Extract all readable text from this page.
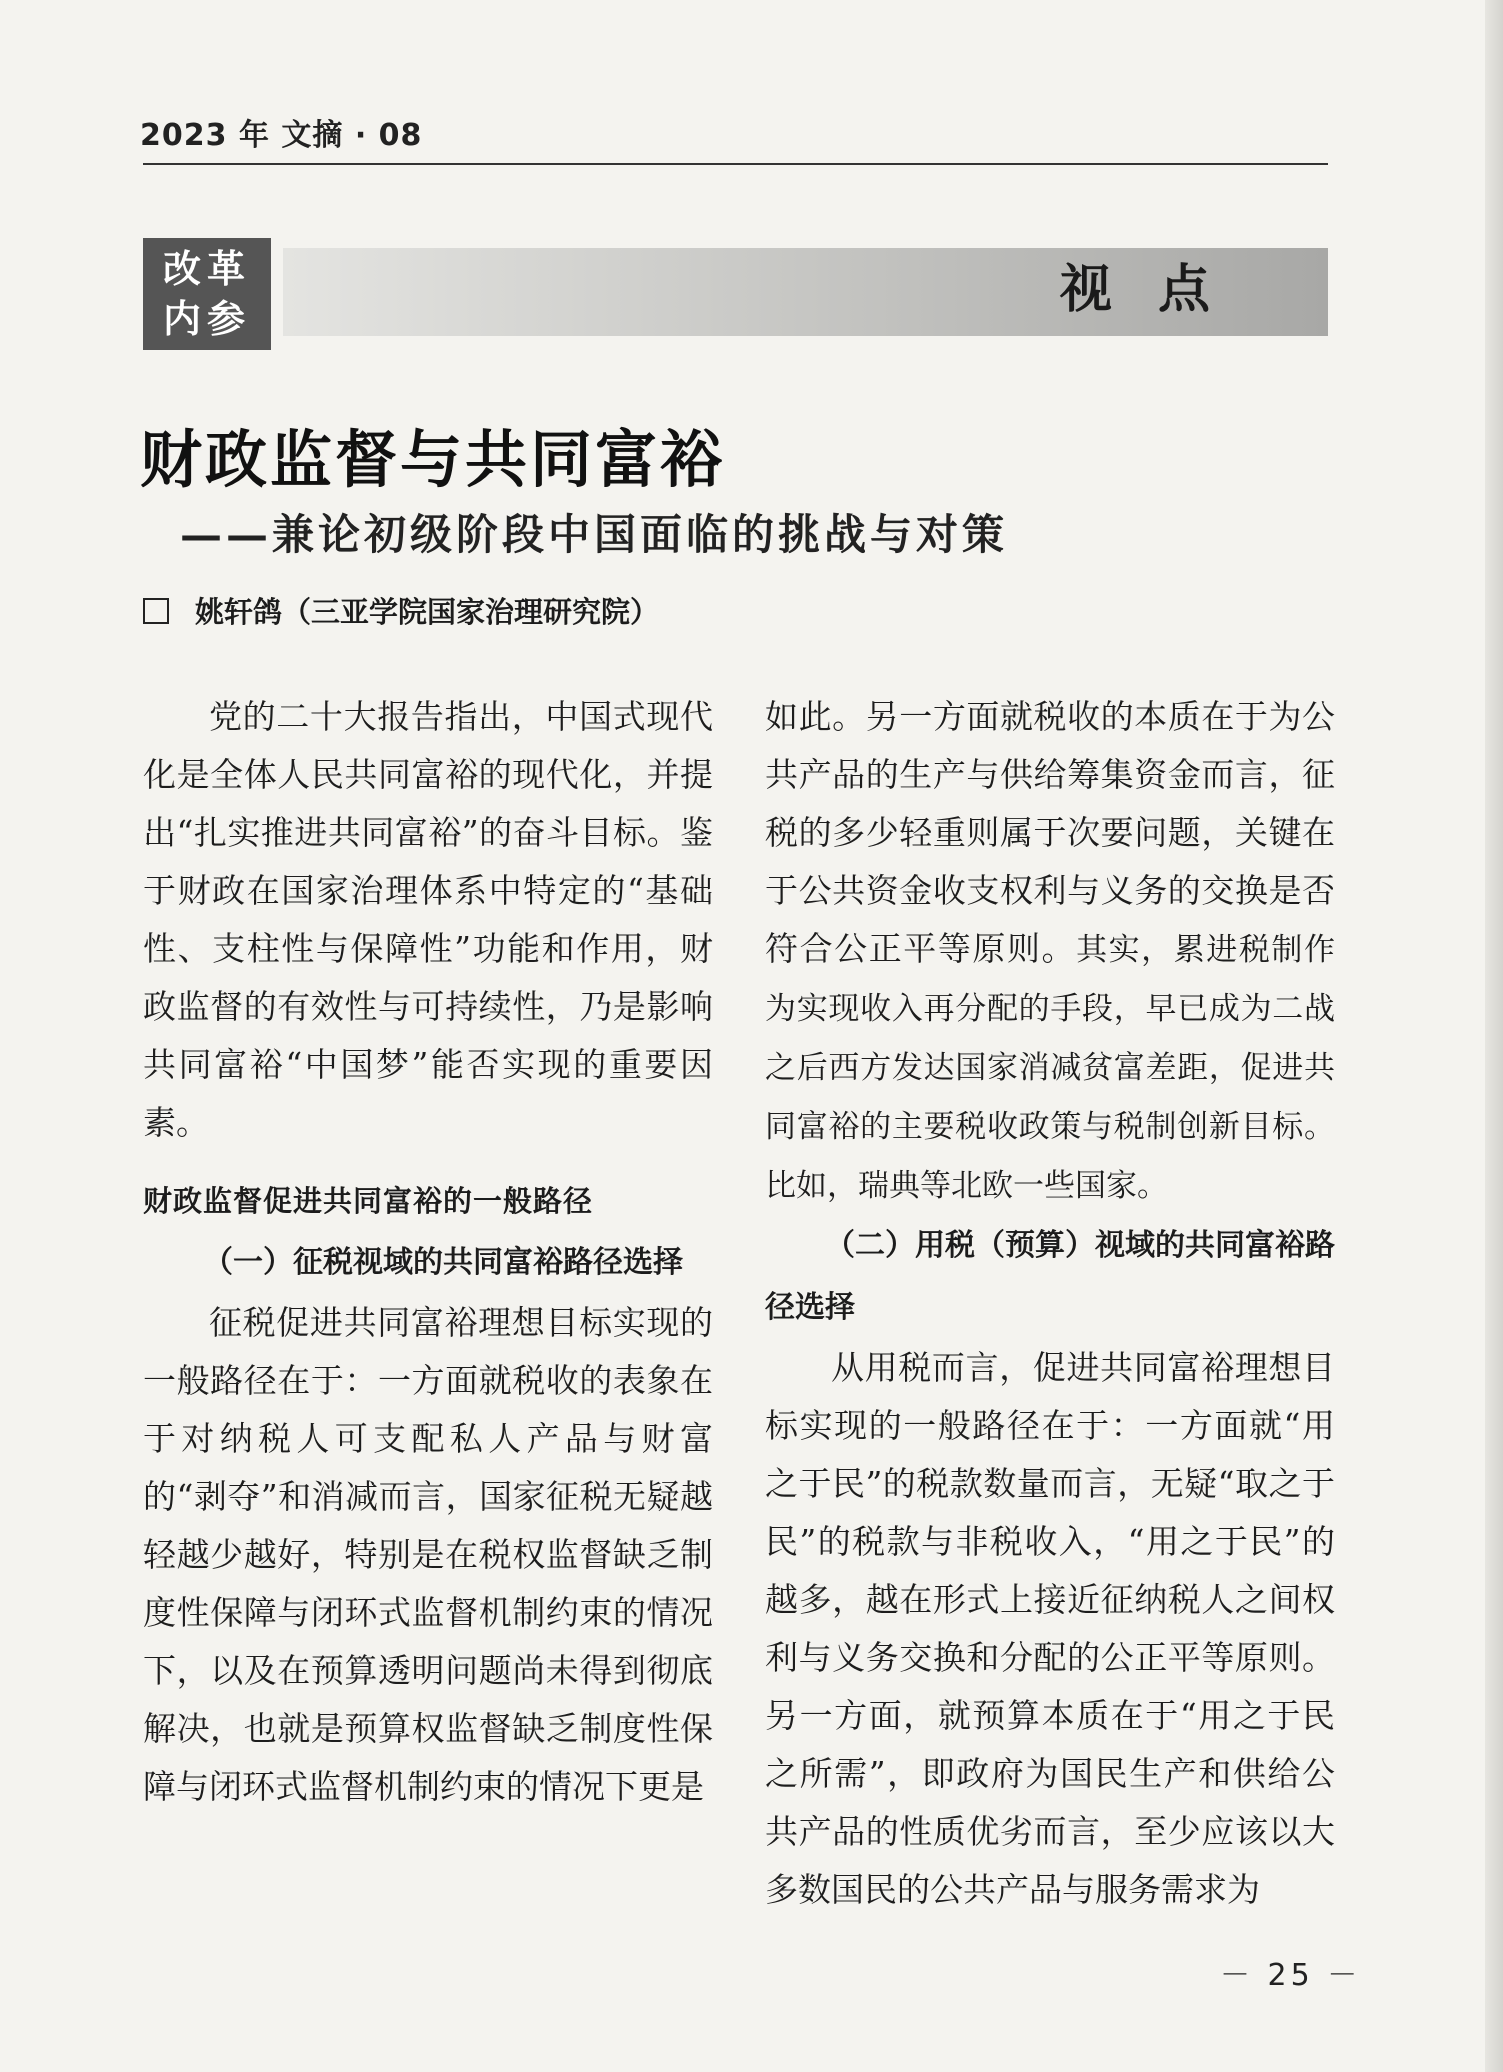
2023 年 文摘 · 08
改革
内参	视 点
财政监督与共同富裕
——兼论初级阶段中国面临的挑战与对策
姚轩鸽（三亚学院国家治理研究院）

党的二十大报告指出，中国式现代化是全体人民共同富裕的现代化，并提出“扎实推进共同富裕”的奋斗目标。鉴于财政在国家治理体系中特定的“基础性、支柱性与保障性”功能和作用，财政监督的有效性与可持续性，乃是影响共同富裕“中国梦”能否实现的重要因素。

财政监督促进共同富裕的一般路径

（一）征税视域的共同富裕路径选择

征税促进共同富裕理想目标实现的一般路径在于：一方面就税收的表象在于对纳税人可支配私人产品与财富的“剥夺”和消减而言，国家征税无疑越轻越少越好，特别是在税权监督缺乏制度性保障与闭环式监督机制约束的情况下，以及在预算透明问题尚未得到彻底解决，也就是预算权监督缺乏制度性保障与闭环式监督机制约束的情况下更是

如此。另一方面就税收的本质在于为公共产品的生产与供给筹集资金而言，征税的多少轻重则属于次要问题，关键在于公共资金收支权利与义务的交换是否符合公正平等原则。其实，累进税制作为实现收入再分配的手段，早已成为二战之后西方发达国家消减贫富差距，促进共同富裕的主要税收政策与税制创新目标。比如，瑞典等北欧一些国家。

（二）用税（预算）视域的共同富裕路径选择

从用税而言，促进共同富裕理想目标实现的一般路径在于：一方面就“用之于民”的税款数量而言，无疑“取之于民”的税款与非税收入，“用之于民”的越多，越在形式上接近征纳税人之间权利与义务交换和分配的公正平等原则。另一方面，就预算本质在于“用之于民之所需”，即政府为国民生产和供给公共产品的性质优劣而言，至少应该以大多数国民的公共产品与服务需求为

－ 25 －
